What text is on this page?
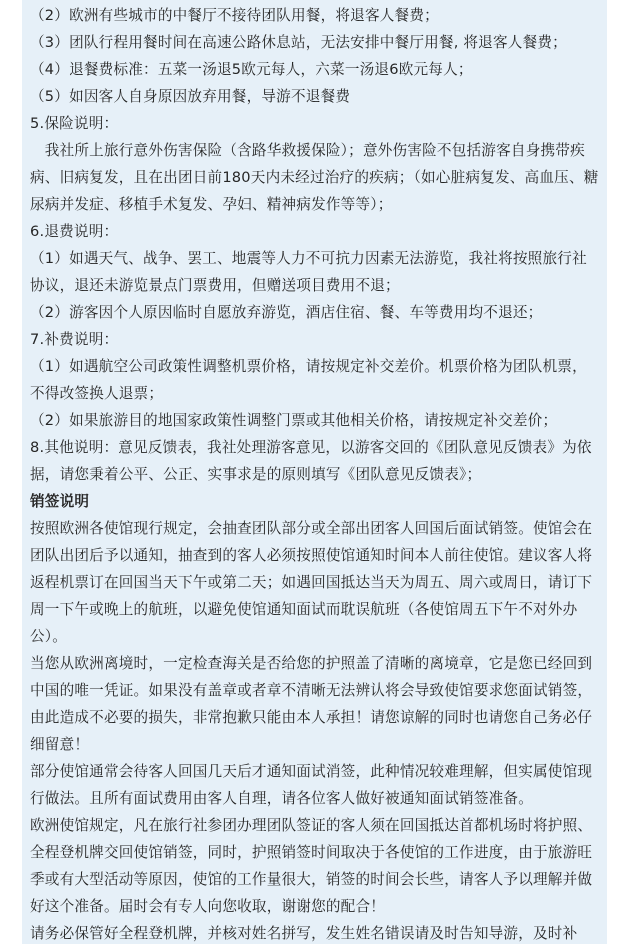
（2）欧洲有些城市的中餐厅不接待团队用餐，将退客人餐费；

（3）团队行程用餐时间在高速公路休息站，无法安排中餐厅用餐, 将退客人餐费；

（4）退餐费标准：五菜一汤退5欧元每人，六菜一汤退6欧元每人；

（5）如因客人自身原因放弃用餐，导游不退餐费

5.保险说明：

　我社所上旅行意外伤害保险（含路华救援保险）；意外伤害险不包括游客自身携带疾病、旧病复发，且在出团日前180天内未经过治疗的疾病；（如心脏病复发、高血压、糖尿病并发症、移植手术复发、孕妇、精神病发作等等）；

6.退费说明：

（1）如遇天气、战争、罢工、地震等人力不可抗力因素无法游览，我社将按照旅行社协议，退还未游览景点门票费用，但赠送项目费用不退；

（2）游客因个人原因临时自愿放弃游览，酒店住宿、餐、车等费用均不退还；

7.补费说明：

（1）如遇航空公司政策性调整机票价格，请按规定补交差价。机票价格为团队机票，不得改签换人退票；

（2）如果旅游目的地国家政策性调整门票或其他相关价格，请按规定补交差价；

8.其他说明：意见反馈表，我社处理游客意见，以游客交回的《团队意见反馈表》为依据，请您秉着公平、公正、实事求是的原则填写《团队意见反馈表》；

销签说明

按照欧洲各使馆现行规定，会抽查团队部分或全部出团客人回国后面试销签。使馆会在团队出团后予以通知，抽查到的客人必须按照使馆通知时间本人前往使馆。建议客人将返程机票订在回国当天下午或第二天；如遇回国抵达当天为周五、周六或周日，请订下周一下午或晚上的航班，以避免使馆通知面试而耽误航班（各使馆周五下午不对外办公）。

当您从欧洲离境时，一定检查海关是否给您的护照盖了清晰的离境章，它是您已经回到中国的唯一凭证。如果没有盖章或者章不清晰无法辨认将会导致使馆要求您面试销签，由此造成不必要的损失，非常抱歉只能由本人承担！请您谅解的同时也请您自己务必仔细留意！

部分使馆通常会待客人回国几天后才通知面试消签，此种情况较难理解，但实属使馆现行做法。且所有面试费用由客人自理，请各位客人做好被通知面试销签准备。

欧洲使馆规定，凡在旅行社参团办理团队签证的客人须在回国抵达首都机场时将护照、全程登机牌交回使馆销签，同时，护照销签时间取决于各使馆的工作进度，由于旅游旺季或有大型活动等原因，使馆的工作量很大，销签的时间会长些，请客人予以理解并做好这个准备。届时会有专人向您收取，谢谢您的配合！

请务必保管好全程登机牌，并核对姓名拼写，发生姓名错误请及时告知导游，及时补
